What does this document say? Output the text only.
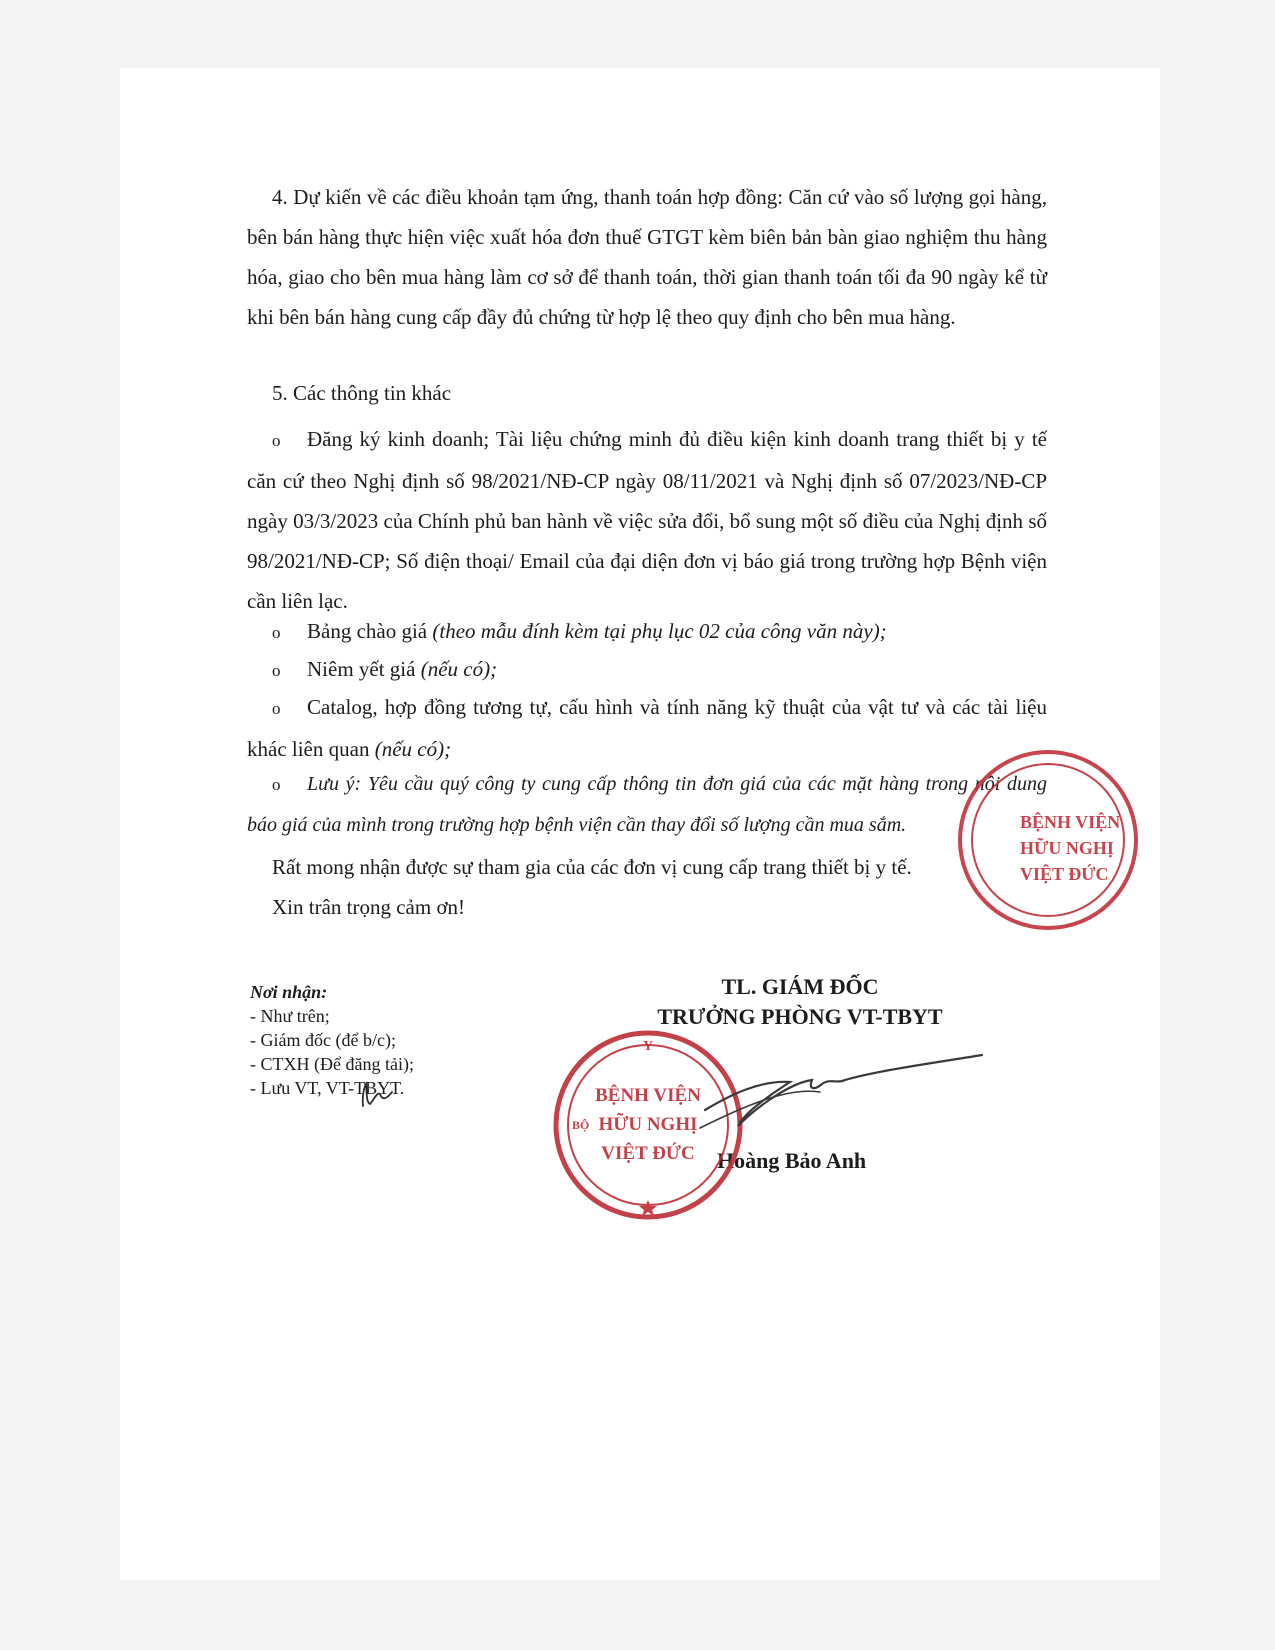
4. Dự kiến về các điều khoản tạm ứng, thanh toán hợp đồng: Căn cứ vào số lượng gọi hàng, bên bán hàng thực hiện việc xuất hóa đơn thuế GTGT kèm biên bản bàn giao nghiệm thu hàng hóa, giao cho bên mua hàng làm cơ sở để thanh toán, thời gian thanh toán tối đa 90 ngày kể từ khi bên bán hàng cung cấp đầy đủ chứng từ hợp lệ theo quy định cho bên mua hàng.

5. Các thông tin khác

o Đăng ký kinh doanh; Tài liệu chứng minh đủ điều kiện kinh doanh trang thiết bị y tế căn cứ theo Nghị định số 98/2021/NĐ-CP ngày 08/11/2021 và Nghị định số 07/2023/NĐ-CP ngày 03/3/2023 của Chính phủ ban hành về việc sửa đổi, bổ sung một số điều của Nghị định số 98/2021/NĐ-CP; Số điện thoại/ Email của đại diện đơn vị báo giá trong trường hợp Bệnh viện cần liên lạc.

o Bảng chào giá (theo mẫu đính kèm tại phụ lục 02 của công văn này);

o Niêm yết giá (nếu có);

o Catalog, hợp đồng tương tự, cấu hình và tính năng kỹ thuật của vật tư và các tài liệu khác liên quan (nếu có);

o Lưu ý: Yêu cầu quý công ty cung cấp thông tin đơn giá của các mặt hàng trong nội dung báo giá của mình trong trường hợp bệnh viện cần thay đổi số lượng cần mua sắm.

Rất mong nhận được sự tham gia của các đơn vị cung cấp trang thiết bị y tế.

Xin trân trọng cảm ơn!

Nơi nhận:
- Như trên;
- Giám đốc (để b/c);
- CTXH (Để đăng tải);
- Lưu VT, VT-TBYT.
TL. GIÁM ĐỐC
TRƯỞNG PHÒNG VT-TBYT
Hoàng Bảo Anh
BỆNH VIỆN
HỮU NGHỊ
VIỆT ĐỨC
BỆNH VIỆN
HỮU NGHỊ
VIỆT ĐỨC
Y
BỘ
